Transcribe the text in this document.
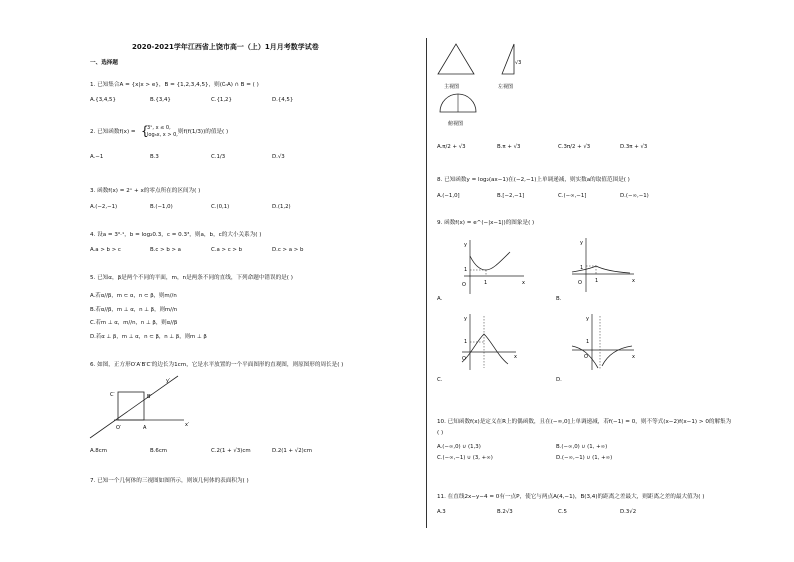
2020-2021学年江西省上饶市高一（上）1月月考数学试卷
一、选择题
1. 已知集合A = {x|x > e}，B = {1,2,3,4,5}，则(∁ᵣA) ∩ B = ( )
A.{3,4,5}	B.{3,4}	C.{1,2}	D.{4,5}
2. 已知函数f(x) = {
3ˣ, x ≤ 0,
log₃x, x > 0, 则f(f(1/3))的值是( )
A.−1	B.3	C.1/3	D.√3
3. 函数f(x) = 2ˣ + x的零点所在的区间为( )
A.(−2,−1)	B.(−1,0)	C.(0,1)	D.(1,2)
4. 设a = 3⁰·¹，b = log₂0.3，c = 0.3³，则a，b，c的大小关系为( )
A.a > b > c	B.c > b > a	C.a > c > b	D.c > a > b
5. 已知α，β是两个不同的平面，m，n是两条不同的直线，下列命题中错误的是( )
A.若α//β，m ⊂ α，n ⊂ β，则m//n
B.若α//β，m ⊥ α，n ⊥ β，则m//n
C.若m ⊥ α，m//n，n ⊥ β，则α//β
D.若α ⊥ β，m ⊥ α，n ⊂ β，n ⊥ β，则m ⊥ β
6. 如图，正方形O′A′B′C′的边长为1cm，它是水平放置的一个平面图形的直观图，则原图形的周长是( )
y′
C′	B′
O′	A	x′
A.8cm	B.6cm	C.2(1 + √3)cm	D.2(1 + √2)cm
7. 已知一个几何体的三视图如图所示，则该几何体的表面积为( )
√3
主视图	左视图
俯视图
A.π/2 + √3	B.π + √3	C.3π/2 + √3	D.3π + √3
8. 已知函数y = log₂(ax−1)在(−2,−1)上单调递减，则实数a的取值范围是( )
A.(−1,0]	B.[−2,−1]	C.(−∞,−1]	D.(−∞,−1)
9. 函数f(x) = e^(−|x−1|)的图象是( )
y
1
O	1	x
A.
y
1
O	1	x
B.
y
1
O	x
C.
y
1
O	x
D.
10. 已知函数f(x)是定义在R上的偶函数，且在(−∞,0]上单调递减，若f(−1) = 0，则不等式(x−2)f(x−1) > 0的解集为
( )
A.(−∞,0) ∪ (1,3)	B.(−∞,0) ∪ (1, +∞)
C.(−∞,−1) ∪ (3, +∞)	D.(−∞,−1) ∪ (1, +∞)
11. 在直线2x−y−4 = 0有一点P，使它与两点A(4,−1)，B(3,4)的距离之差最大，则距离之差的最大值为( )
A.3	B.2√3	C.5	D.3√2
